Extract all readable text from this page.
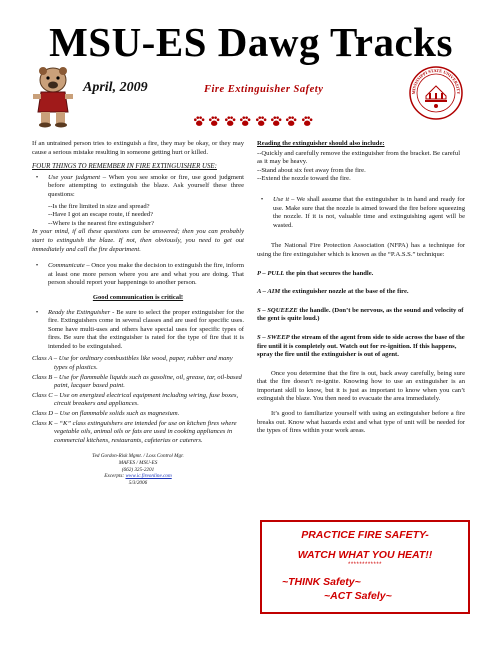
MSU-ES Dawg Tracks
April, 2009	Fire Extinguisher Safety	MISSISSIPPI STATE UNIVERSITY

If an untrained person tries to extinguish a fire, they may be okay, or they may cause a serious mistake resulting in someone getting hurt or killed.

FOUR THINGS TO REMEMBER IN FIRE EXTINGUISHER USE:
•	Use your judgment – When you see smoke or fire, use good judgment before attempting to extinguish the blaze. Ask yourself these three questions:

--Is the fire limited in size and spread?

--Have I got an escape route, if needed?

--Where is the nearest fire extinguisher?

In your mind, if all these questions can be answered; then you can probably start to extinguish the blaze. If not, then obviously, you need to get out immediately and call the fire department.

•	Communicate – Once you make the decision to extinguish the fire, inform at least one more person where you are and what you are doing. That person should report your happenings to another person.
Good communication is critical!
•	Ready the Extinguisher - Be sure to select the proper extinguisher for the fire. Extinguishers come in several classes and are used for specific uses. Some have multi-uses and others have special uses for specific types of fires. Be sure that the extinguisher is rated for the type of fire that it is intended to be extinguished.
Class A – Use for ordinary combustibles like wood, paper, rubber and many types of plastics.
Class B – Use for flammable liquids such as gasoline, oil, grease, tar, oil-based paint, lacquer based paint.
Class C – Use on energized electrical equipment including wiring, fuse boxes, circuit breakers and appliances.
Class D – Use on flammable solids such as magnesium.
Class K – “K” class extinguishers are intended for use on kitchen fires where vegetable oils, animal oils or fats are used in cooking appliances in commercial kitchens, restaurants, cafeterias or caterers.
Ted Gordon-Risk Mgmt. / Loss Control Mgr.
MAFES / MSU-ES
(662) 325-2201
Excerpts: www.ic.fireonline.com
5/3/2006
Reading the extinguisher should also include:

--Quickly and carefully remove the extinguisher from the bracket. Be careful as it may be heavy.

--Stand about six feet away from the fire.

--Extend the nozzle toward the fire.

•	Use it – We shall assume that the extinguisher is in hand and ready for use. Make sure that the nozzle is aimed toward the fire before squeezing the nozzle. If it is not, valuable time and extinguishing agent will be wasted.

The National Fire Protection Association (NFPA) has a technique for using the fire extinguisher which is known as the “P.A.S.S.” technique:

P – PULL the pin that secures the handle.

A – AIM the extinguisher nozzle at the base of the fire.

S – SQUEEZE the handle. (Don’t be nervous, as the sound and velocity of the gent is quite loud.)

S – SWEEP the stream of the agent from side to side across the base of the fire until it is completely out. Watch out for re-ignition. If this happens, spray the fire until the extinguisher is out of agent.

Once you determine that the fire is out, back away carefully, being sure that the fire doesn’t re-ignite. Knowing how to use an extinguisher is an important skill to know, but it is just as important to know when you can’t extinguish the blaze. You then need to evacuate the area immediately.

It’s good to familiarize yourself with using an extinguisher before a fire breaks out. Know what hazards exist and what type of unit will be needed for the types of fires within your work areas.

PRACTICE FIRE SAFETY-
WATCH WHAT YOU HEAT!!
************
~THINK Safety~
~ACT Safely~
